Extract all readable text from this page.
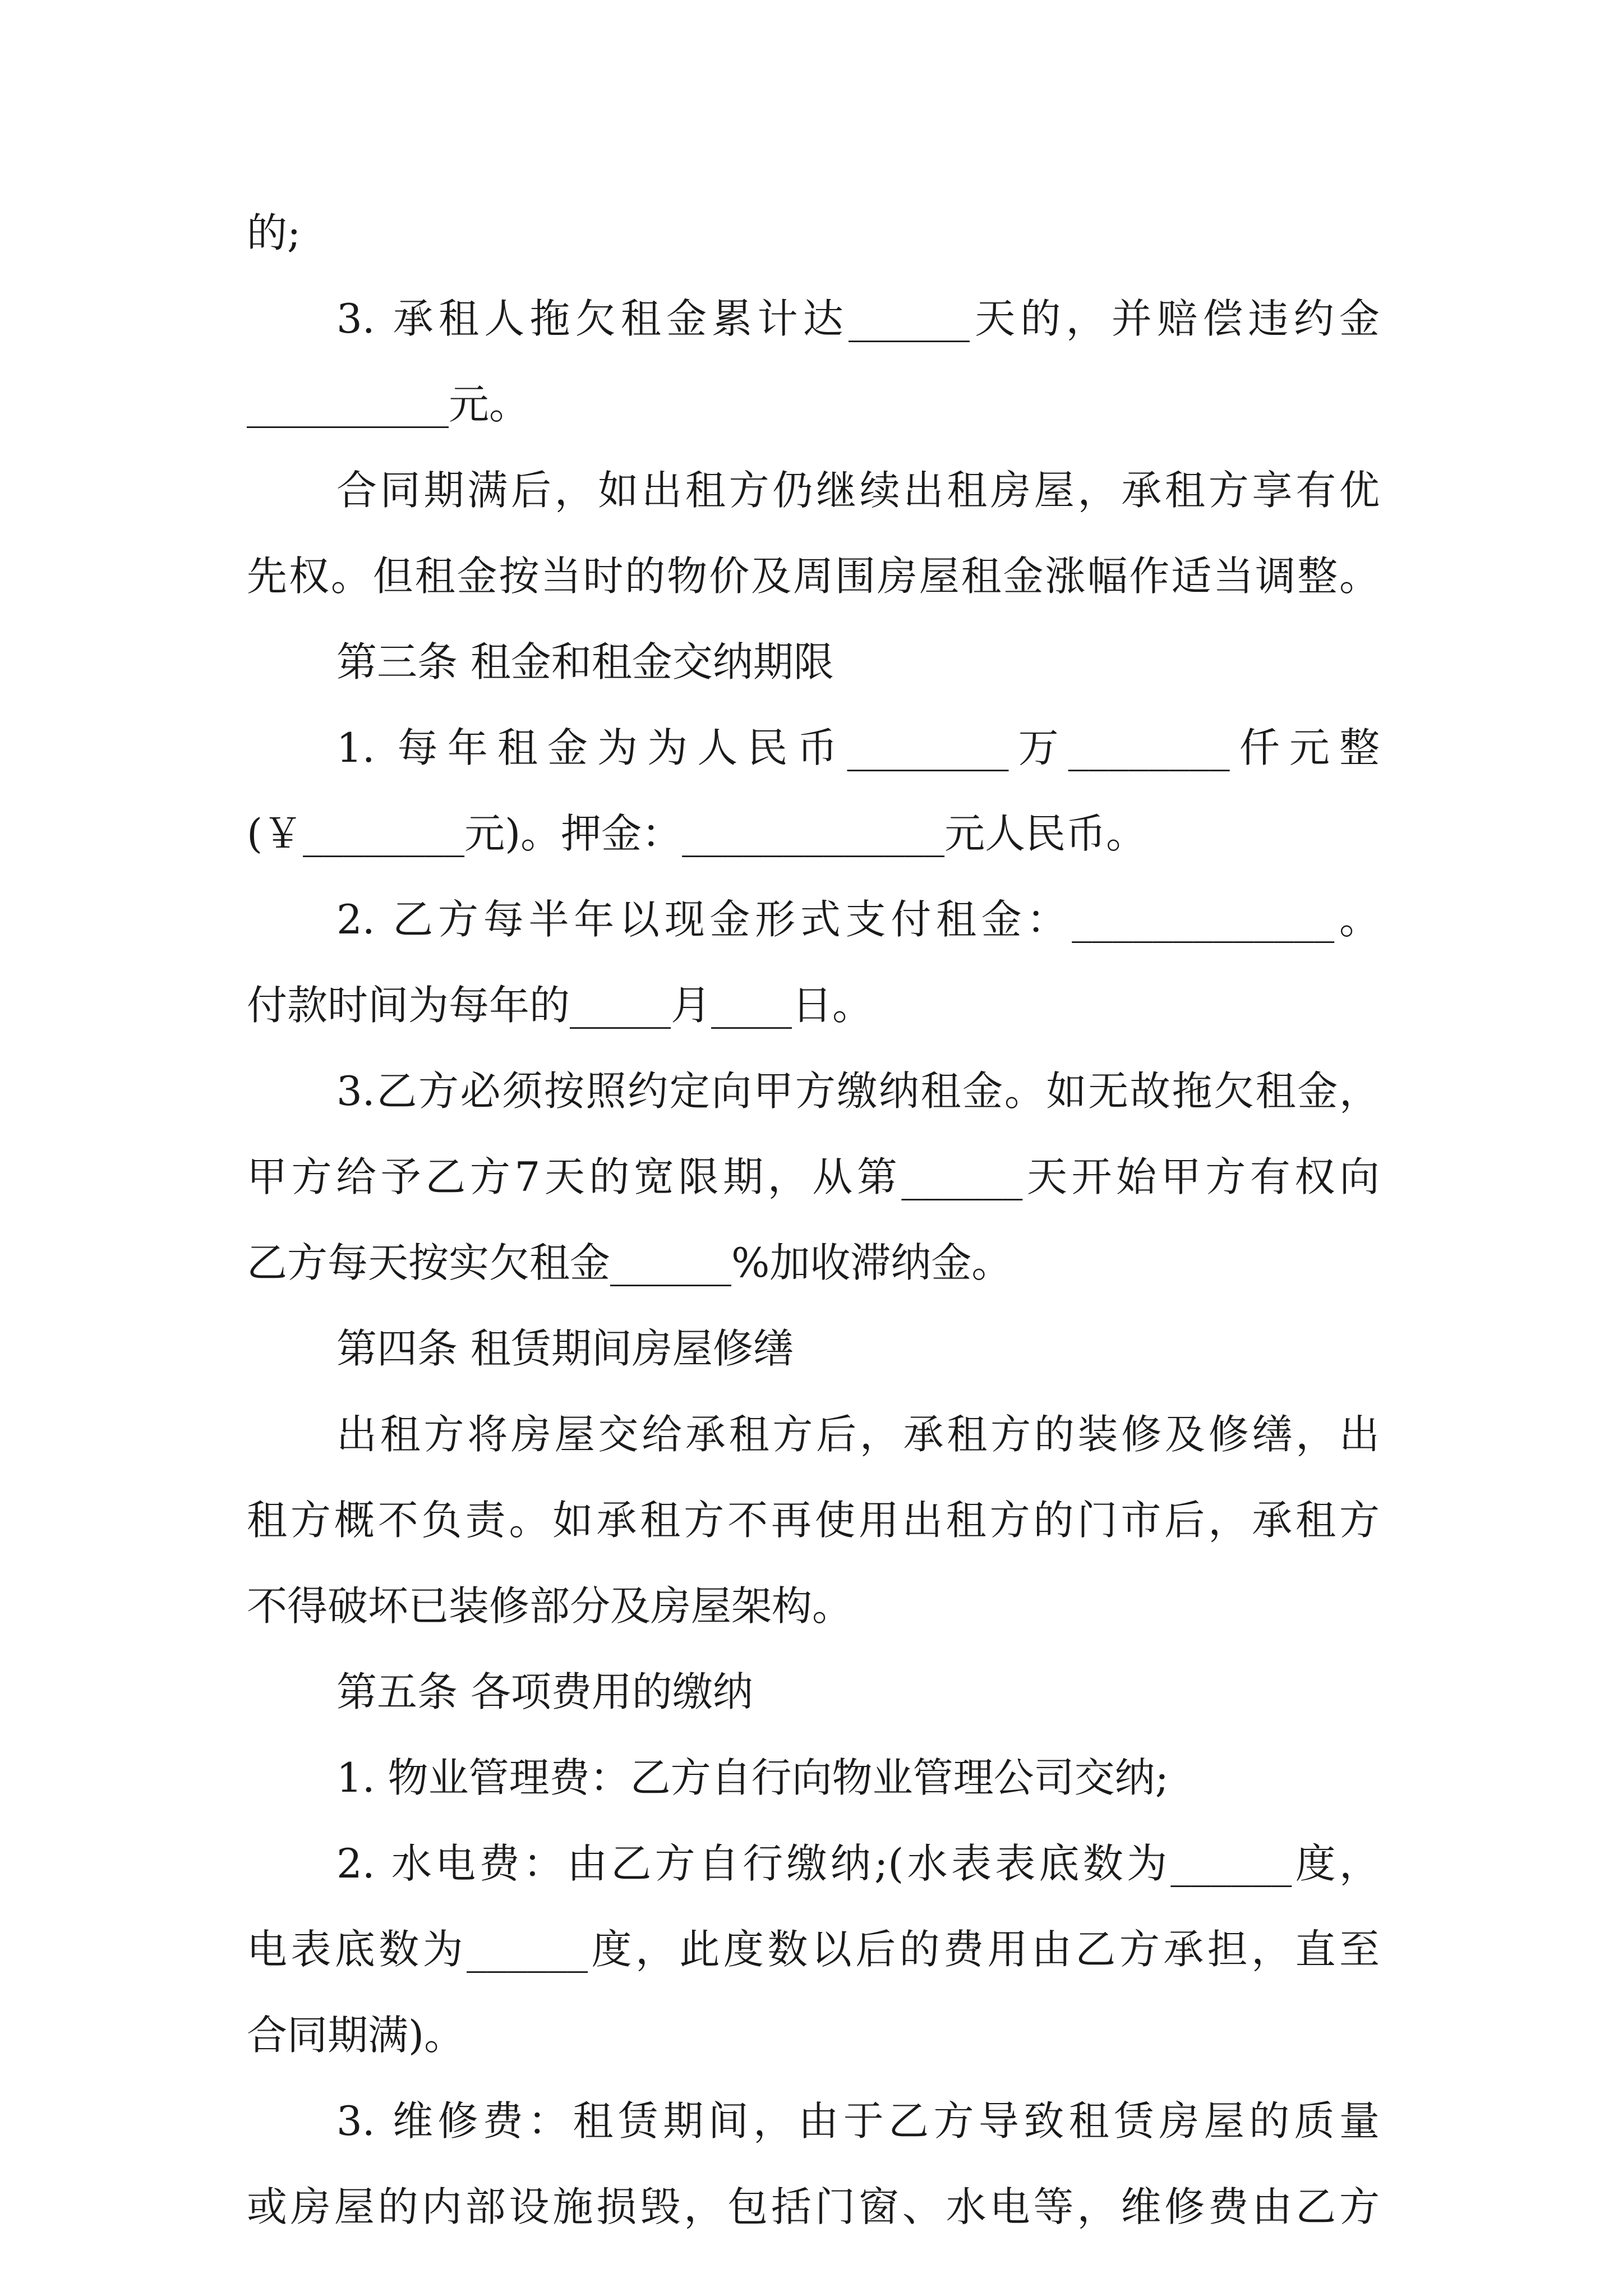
的;

3. 承租人拖欠租金累计达______天的，并赔偿违约金

__________元。

合同期满后，如出租方仍继续出租房屋，承租方享有优

先权。但租金按当时的物价及周围房屋租金涨幅作适当调整。

第三条 租金和租金交纳期限

1. 每年租金为为人民币________万________仟元整

(￥________元)。押金：_____________元人民币。

2. 乙方每半年以现金形式支付租金：_____________。

付款时间为每年的_____月____日。

3.乙方必须按照约定向甲方缴纳租金。如无故拖欠租金，

甲方给予乙方7天的宽限期，从第______天开始甲方有权向

乙方每天按实欠租金______%加收滞纳金。

第四条 租赁期间房屋修缮

出租方将房屋交给承租方后，承租方的装修及修缮，出

租方概不负责。如承租方不再使用出租方的门市后，承租方

不得破坏已装修部分及房屋架构。

第五条 各项费用的缴纳

1. 物业管理费：乙方自行向物业管理公司交纳;

2. 水电费：由乙方自行缴纳;(水表表底数为______度，

电表底数为______度，此度数以后的费用由乙方承担，直至

合同期满)。

3. 维修费：租赁期间，由于乙方导致租赁房屋的质量

或房屋的内部设施损毁，包括门窗、水电等，维修费由乙方
